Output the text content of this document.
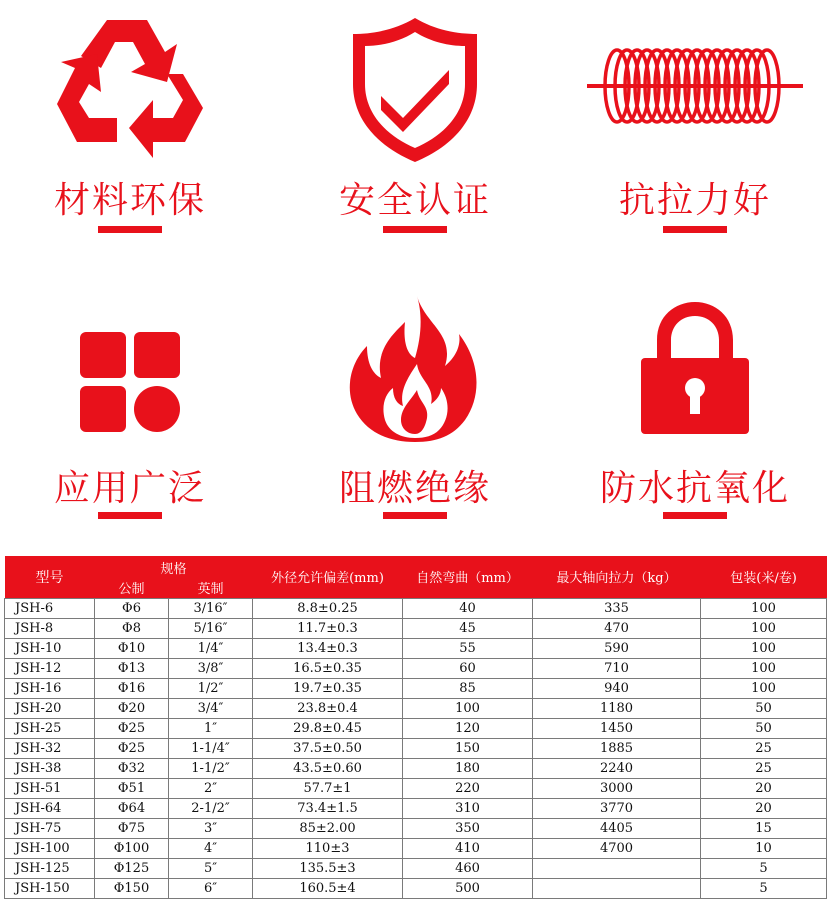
材料环保	安全认证	抗拉力好
应用广泛	阻燃绝缘	防水抗氧化
型号	规格		外径允许偏差(mm)	自然弯曲（mm）	最大轴向拉力（kg）	包装(米/卷)
	公制	英制				
JSH-6	Φ6	3/16″	8.8±0.25	40	335	100
JSH-8	Φ8	5/16″	11.7±0.3	45	470	100
JSH-10	Φ10	1/4″	13.4±0.3	55	590	100
JSH-12	Φ13	3/8″	16.5±0.35	60	710	100
JSH-16	Φ16	1/2″	19.7±0.35	85	940	100
JSH-20	Φ20	3/4″	23.8±0.4	100	1180	50
JSH-25	Φ25	1″	29.8±0.45	120	1450	50
JSH-32	Φ25	1-1/4″	37.5±0.50	150	1885	25
JSH-38	Φ32	1-1/2″	43.5±0.60	180	2240	25
JSH-51	Φ51	2″	57.7±1	220	3000	20
JSH-64	Φ64	2-1/2″	73.4±1.5	310	3770	20
JSH-75	Φ75	3″	85±2.00	350	4405	15
JSH-100	Φ100	4″	110±3	410	4700	10
JSH-125	Φ125	5″	135.5±3	460		5
JSH-150	Φ150	6″	160.5±4	500		5
